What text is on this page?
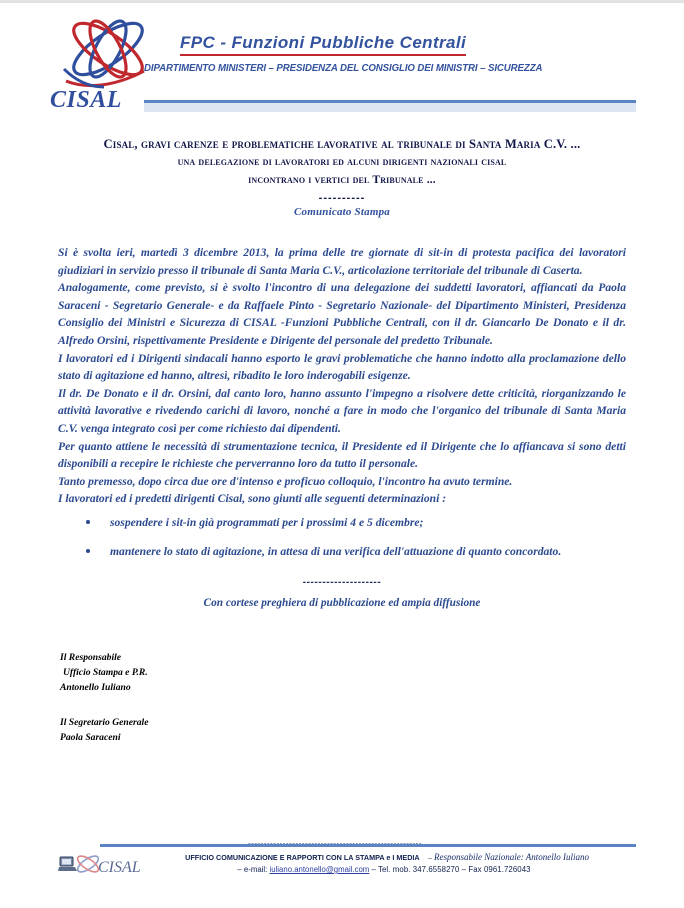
CISAL
FPC - Funzioni Pubbliche Centrali
DIPARTIMENTO MINISTERI – PRESIDENZA DEL CONSIGLIO DEI MINISTRI – SICUREZZA
Cisal, gravi carenze e problematiche lavorative al tribunale di Santa Maria C.V. ...
una delegazione di lavoratori ed alcuni dirigenti nazionali cisal
incontrano i vertici del Tribunale ...
----------
Comunicato Stampa

Si è svolta ieri, martedì 3 dicembre 2013, la prima delle tre giornate di sit-in di protesta pacifica dei lavoratori giudiziari in servizio presso il tribunale di Santa Maria C.V., articolazione territoriale del tribunale di Caserta.

Analogamente, come previsto, si è svolto l'incontro di una delegazione dei suddetti lavoratori, affiancati da Paola Saraceni - Segretario Generale- e da Raffaele Pinto - Segretario Nazionale- del Dipartimento Ministeri, Presidenza Consiglio dei Ministri e Sicurezza di CISAL -Funzioni Pubbliche Centrali, con il dr. Giancarlo De Donato e il dr. Alfredo Orsini, rispettivamente Presidente e Dirigente del personale del predetto Tribunale.

I lavoratori ed i Dirigenti sindacali hanno esporto le gravi problematiche che hanno indotto alla proclamazione dello stato di agitazione ed hanno, altresì, ribadito le loro inderogabili esigenze.

Il dr. De Donato e il dr. Orsini, dal canto loro, hanno assunto l'impegno a risolvere dette criticità, riorganizzando le attività lavorative e rivedendo carichi di lavoro, nonché a fare in modo che l'organico del tribunale di Santa Maria C.V. venga integrato così per come richiesto dai dipendenti.

Per quanto attiene le necessità di strumentazione tecnica, il Presidente ed il Dirigente che lo affiancava si sono detti disponibili a recepire le richieste che perverranno loro da tutto il personale.

Tanto premesso, dopo circa due ore d'intenso e proficuo colloquio, l'incontro ha avuto termine.

I lavoratori ed i predetti dirigenti Cisal, sono giunti alle seguenti determinazioni :

sospendere i sit-in già programmati per i prossimi 4 e 5 dicembre;
mantenere lo stato di agitazione, in attesa di una verifica dell'attuazione di quanto concordato.
--------------------
Con cortese preghiera di pubblicazione ed ampia diffusione
Il Responsabile
Ufficio Stampa e P.R.
Antonello Iuliano
Il Segretario Generale
Paola Saraceni
CISAL
UFFICIO COMUNICAZIONE E RAPPORTI CON LA STAMPA e I MEDIA – Responsabile Nazionale: Antonello Iuliano
– e-mail: iuliano.antonello@gmail.com – Tel. mob. 347.6558270 – Fax 0961.726043
